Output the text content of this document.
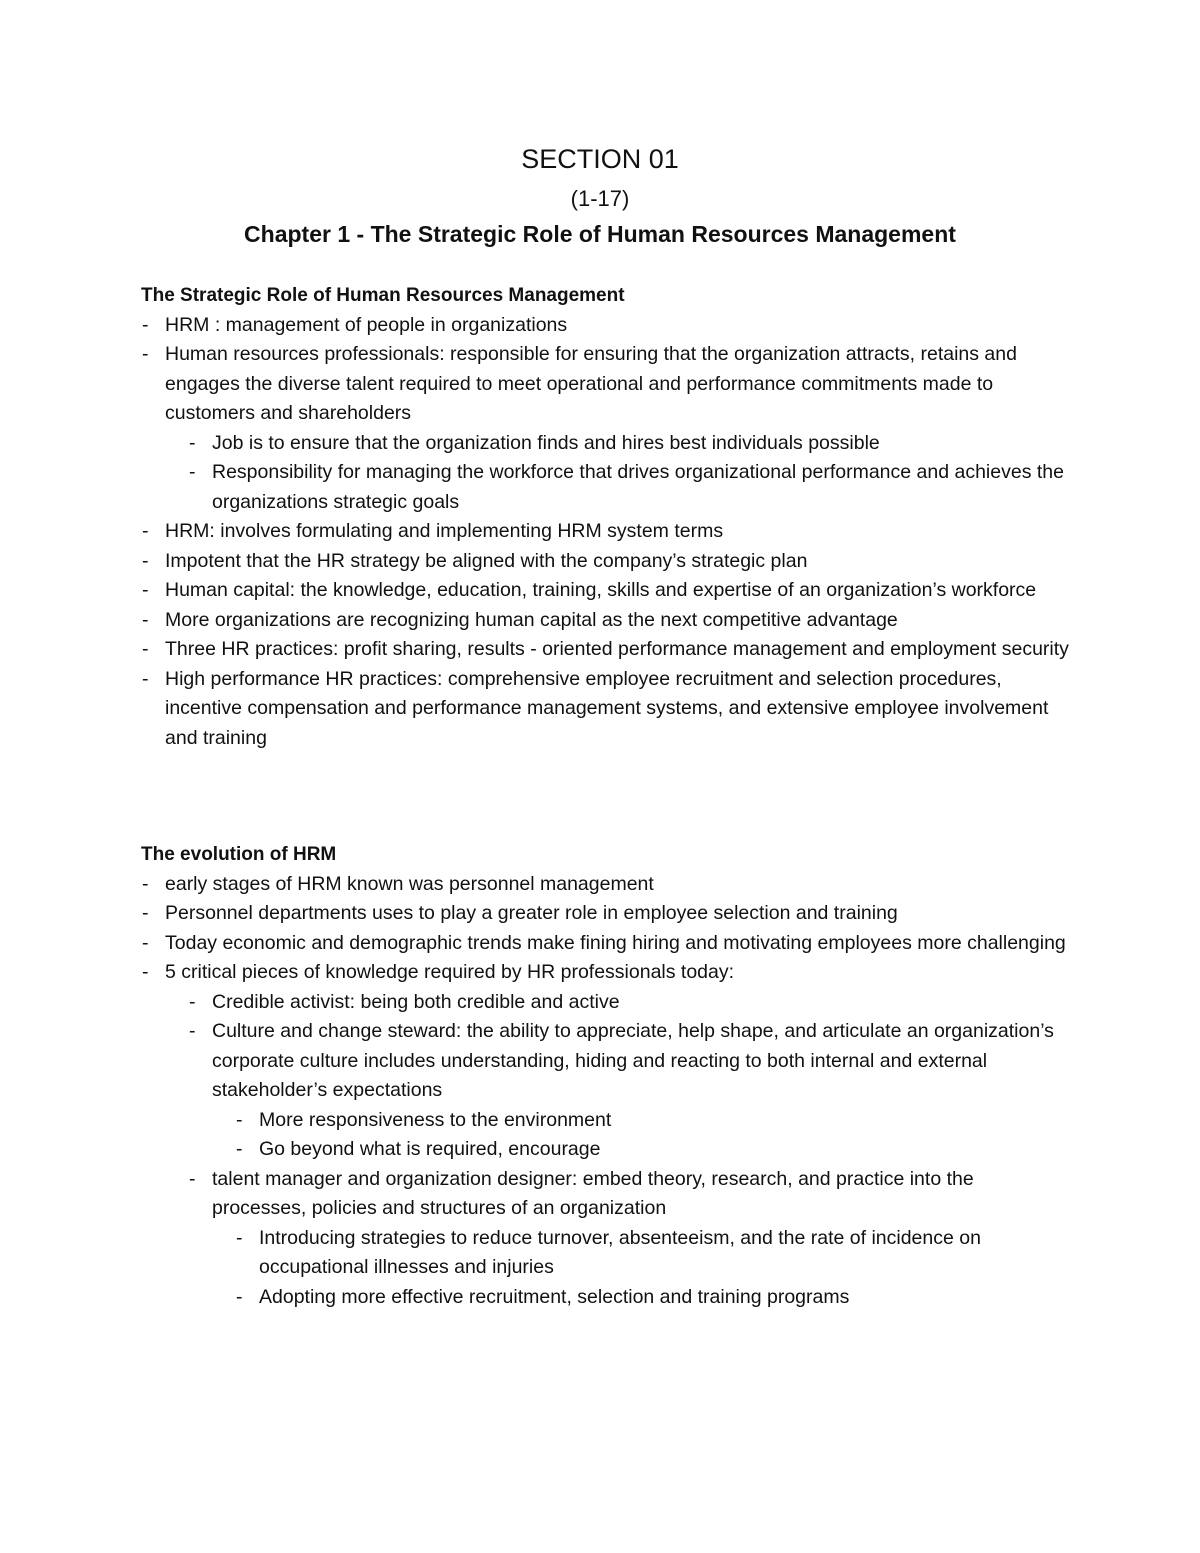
SECTION 01
(1-17)
Chapter 1 - The Strategic Role of Human Resources Management
The Strategic Role of Human Resources Management
- HRM : management of people in organizations
- Human resources professionals: responsible for ensuring that the organization attracts, retains and engages the diverse talent required to meet operational and performance commitments made to customers and shareholders
- Job is to ensure that the organization finds and hires best individuals possible
- Responsibility for managing the workforce that drives organizational performance and achieves the organizations strategic goals
- HRM: involves formulating and implementing HRM system terms
- Impotent that the HR strategy be aligned with the company’s strategic plan
- Human capital: the knowledge, education, training, skills and expertise of an organization’s workforce
- More organizations are recognizing human capital as the next competitive advantage
- Three HR practices: profit sharing, results - oriented performance management and employment security
- High performance HR practices: comprehensive employee recruitment and selection procedures, incentive compensation and performance management systems, and extensive employee involvement and training
The evolution of HRM
- early stages of HRM known was personnel management
- Personnel departments uses to play a greater role in employee selection and training
- Today economic and demographic trends make fining hiring and motivating employees more challenging
- 5 critical pieces of knowledge required by HR professionals today:
- Credible activist: being both credible and active
- Culture and change steward: the ability to appreciate, help shape, and articulate an organization’s corporate culture includes understanding, hiding and reacting to both internal and external stakeholder’s expectations
- More responsiveness to the environment
- Go beyond what is required, encourage
- talent manager and organization designer: embed theory, research, and practice into the processes, policies and structures of an organization
- Introducing strategies to reduce turnover, absenteeism, and the rate of incidence on occupational illnesses and injuries
- Adopting more effective recruitment, selection and training programs
